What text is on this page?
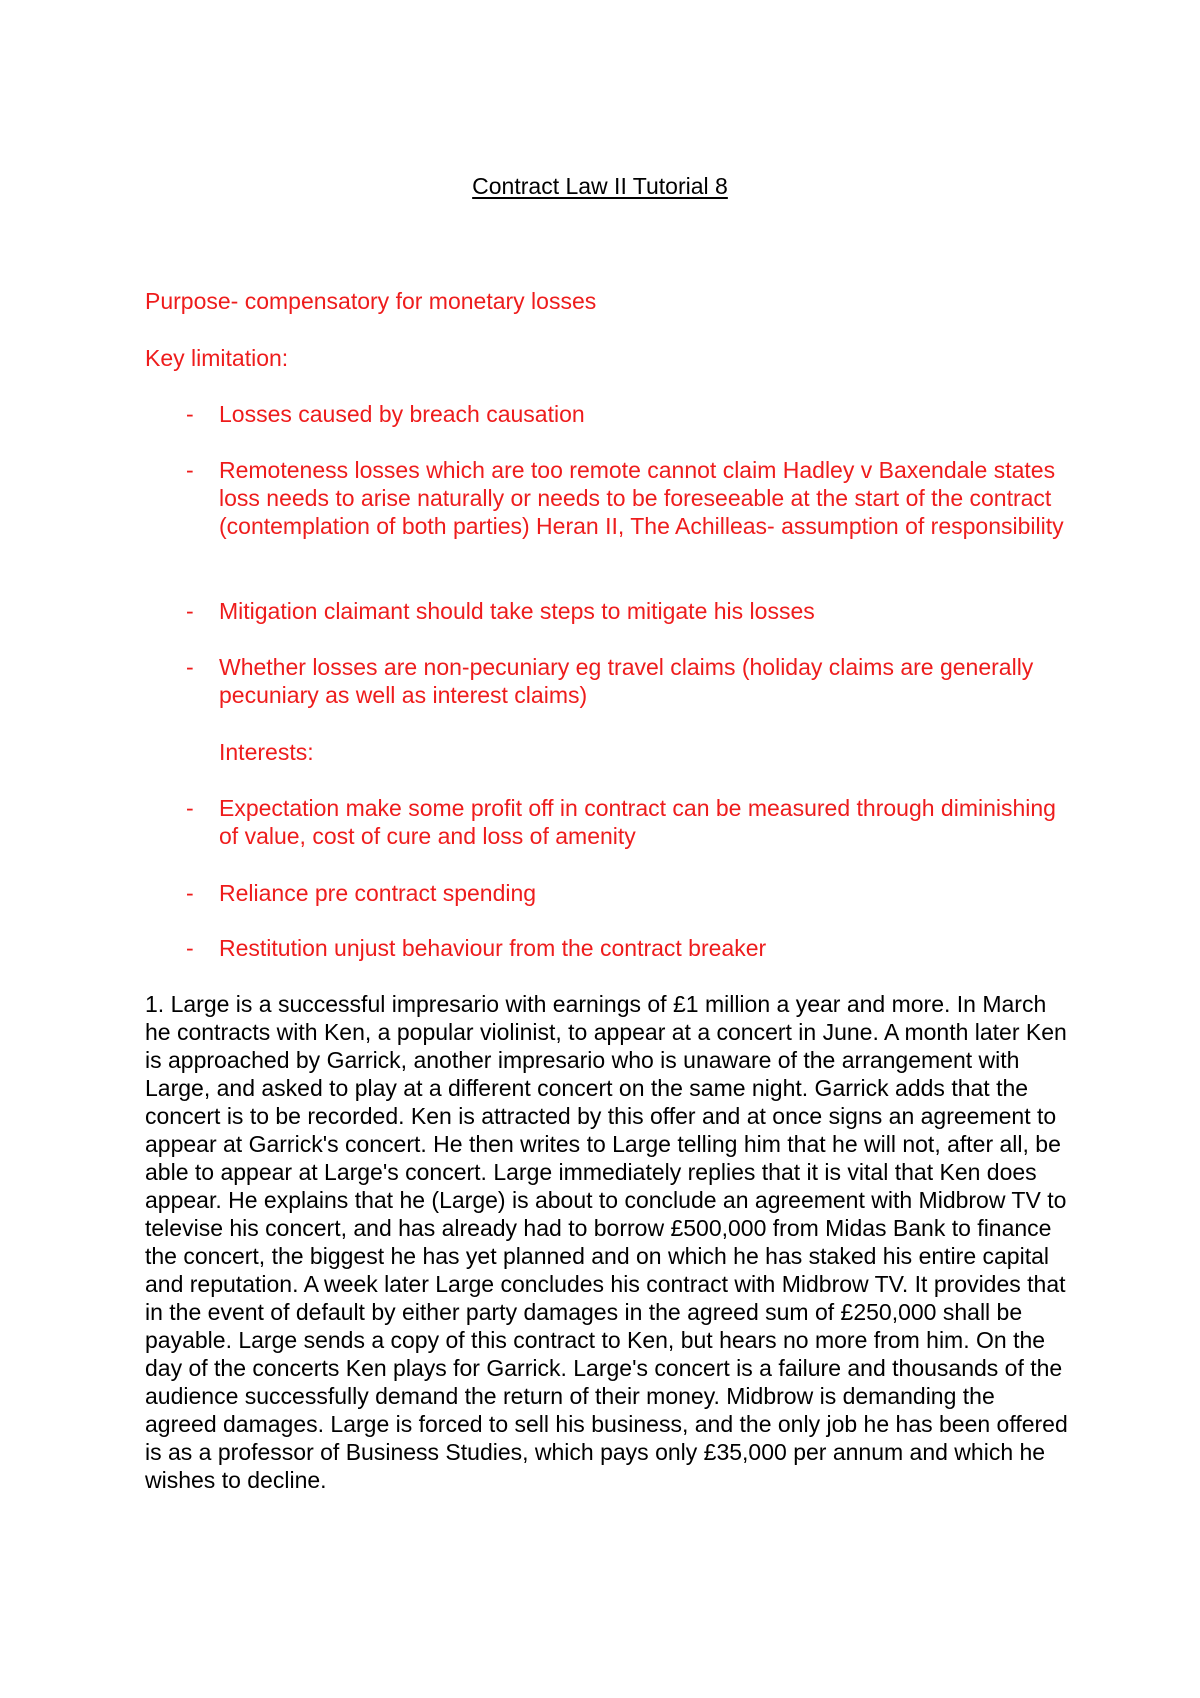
Contract Law II Tutorial 8

Purpose- compensatory for monetary losses

Key limitation:

- Losses caused by breach causation
- Remoteness losses which are too remote cannot claim Hadley v Baxendale states loss needs to arise naturally or needs to be foreseeable at the start of the contract (contemplation of both parties) Heran II, The Achilleas- assumption of responsibility
- Mitigation claimant should take steps to mitigate his losses
- Whether losses are non-pecuniary eg travel claims (holiday claims are generally pecuniary as well as interest claims)
Interests:
- Expectation make some profit off in contract can be measured through diminishing of value, cost of cure and loss of amenity
- Reliance pre contract spending
- Restitution unjust behaviour from the contract breaker

1. Large is a successful impresario with earnings of £1 million a year and more. In March he contracts with Ken, a popular violinist, to appear at a concert in June. A month later Ken is approached by Garrick, another impresario who is unaware of the arrangement with Large, and asked to play at a different concert on the same night. Garrick adds that the concert is to be recorded. Ken is attracted by this offer and at once signs an agreement to appear at Garrick's concert. He then writes to Large telling him that he will not, after all, be able to appear at Large's concert. Large immediately replies that it is vital that Ken does appear. He explains that he (Large) is about to conclude an agreement with Midbrow TV to televise his concert, and has already had to borrow £500,000 from Midas Bank to finance the concert, the biggest he has yet planned and on which he has staked his entire capital and reputation. A week later Large concludes his contract with Midbrow TV. It provides that in the event of default by either party damages in the agreed sum of £250,000 shall be payable. Large sends a copy of this contract to Ken, but hears no more from him. On the day of the concerts Ken plays for Garrick. Large's concert is a failure and thousands of the audience successfully demand the return of their money. Midbrow is demanding the agreed damages. Large is forced to sell his business, and the only job he has been offered is as a professor of Business Studies, which pays only £35,000 per annum and which he wishes to decline.
